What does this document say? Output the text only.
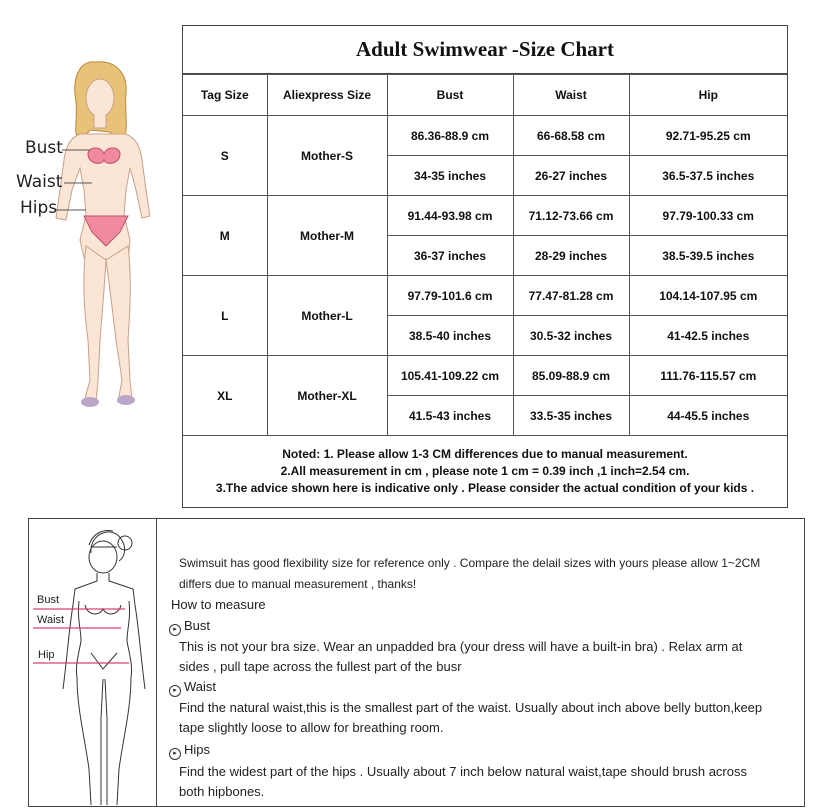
Bust
Waist
Hips
Adult Swimwear -Size Chart
Tag Size	Aliexpress Size	Bust	Waist	Hip
S	Mother-S	86.36-88.9 cm	66-68.58 cm	92.71-95.25 cm
		34-35 inches	26-27 inches	36.5-37.5 inches
M	Mother-M	91.44-93.98 cm	71.12-73.66 cm	97.79-100.33 cm
		36-37 inches	28-29 inches	38.5-39.5 inches
L	Mother-L	97.79-101.6 cm	77.47-81.28 cm	104.14-107.95 cm
		38.5-40 inches	30.5-32 inches	41-42.5 inches
XL	Mother-XL	105.41-109.22 cm	85.09-88.9 cm	111.76-115.57 cm
		41.5-43 inches	33.5-35 inches	44-45.5 inches
Noted: 1. Please allow 1-3 CM differences due to manual measurement.
2.All measurement in cm , please note 1 cm = 0.39 inch ,1 inch=2.54 cm.
3.The advice shown here is indicative only . Please consider the actual condition of your kids .
Bust
Waist
Hip
Swimsuit has good flexibility size for reference only . Compare the delail sizes with yours please allow 1~2CM
differs due to manual measurement , thanks!
How to measure
▸ Bust
This is not your bra size. Wear an unpadded bra (your dress will have a built-in bra) . Relax arm at
sides , pull tape across the fullest part of the busr
▸ Waist
Find the natural waist,this is the smallest part of the waist. Usually about inch above belly button,keep
tape slightly loose to allow for breathing room.
▸ Hips
Find the widest part of the hips . Usually about 7 inch below natural waist,tape should brush across
both hipbones.
